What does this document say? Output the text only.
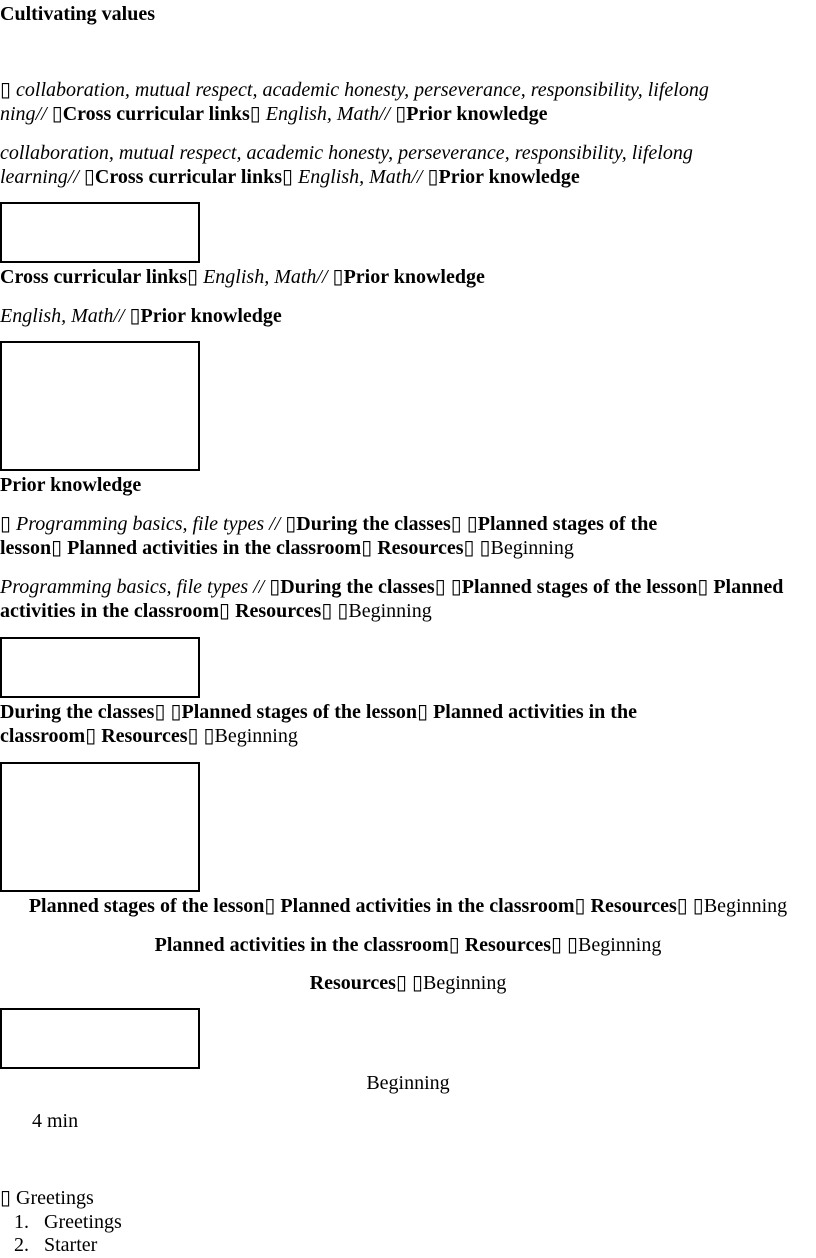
Cultivating values
▯ collaboration, mutual respect, academic honesty, perseverance, responsibility, lifelong
ning// ▯Cross curricular links▯ English, Math// ▯Prior knowledge
collaboration, mutual respect, academic honesty, perseverance, responsibility, lifelong
learning// ▯Cross curricular links▯ English, Math// ▯Prior knowledge
Cross curricular links▯ English, Math// ▯Prior knowledge
English, Math// ▯Prior knowledge
Prior knowledge
▯ Programming basics, file types // ▯During the classes▯ ▯Planned stages of the
lesson▯ Planned activities in the classroom▯ Resources▯ ▯Beginning
Programming basics, file types // ▯During the classes▯ ▯Planned stages of the lesson▯ Planned
activities in the classroom▯ Resources▯ ▯Beginning
During the classes▯ ▯Planned stages of the lesson▯ Planned activities in the
classroom▯ Resources▯ ▯Beginning
Planned stages of the lesson▯ Planned activities in the classroom▯ Resources▯ ▯Beginning
Planned activities in the classroom▯ Resources▯ ▯Beginning
Resources▯ ▯Beginning
Beginning
4 min
▯ Greetings
1. Greetings
2. Starter
